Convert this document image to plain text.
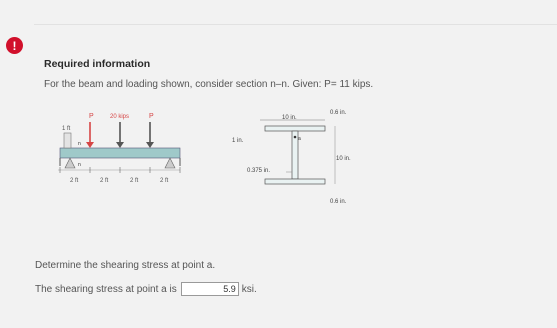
!
Required information
For the beam and loading shown, consider section n–n. Given: P= 11 kips.
P	20 kips	P
n
n
1 ft
2 ft	2 ft	2 ft	2 ft
a
10 in.
0.6 in.
1 in.
10 in.
0.375 in.
0.6 in.
Determine the shearing stress at point a.
The shearing stress at point a is
5.9	ksi.
